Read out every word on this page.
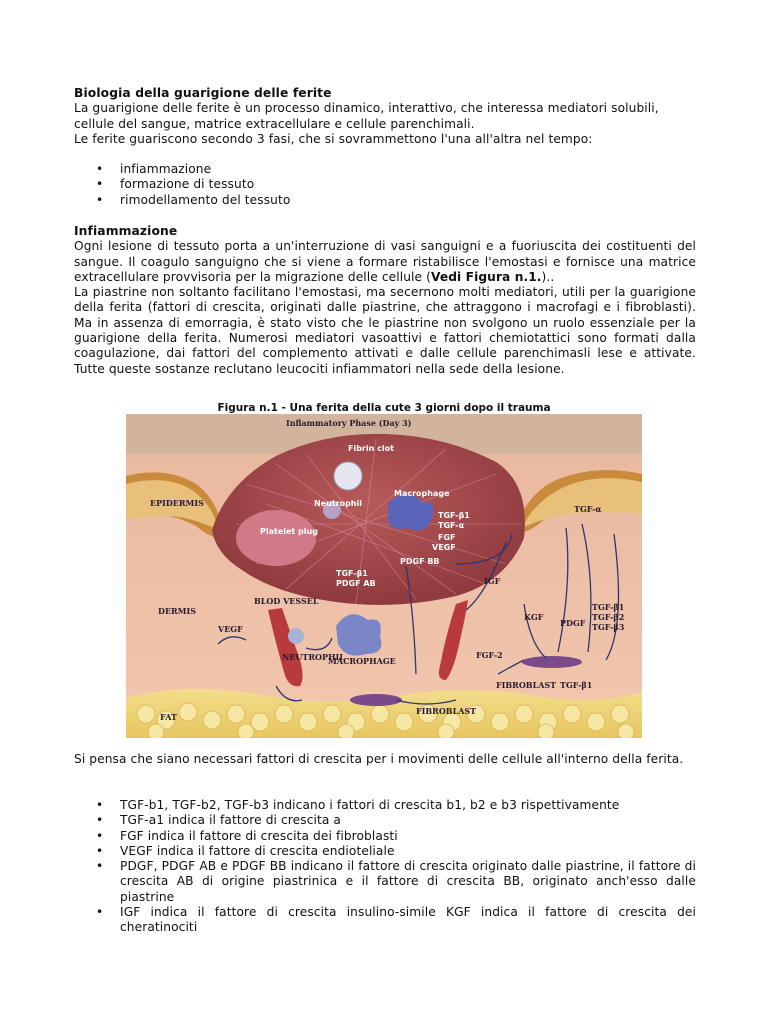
Biologia della guarigione delle ferite

La guarigione delle ferite è un processo dinamico, interattivo, che interessa mediatori solubili, cellule del sangue, matrice extracellulare e cellule parenchimali.

Le ferite guariscono secondo 3 fasi, che si sovrammettono l'una all'altra nel tempo:

• infiammazione
• formazione di tessuto
• rimodellamento del tessuto
Infiammazione

Ogni lesione di tessuto porta a un'interruzione di vasi sanguigni e a fuoriuscita dei costituenti del sangue. Il coagulo sanguigno che si viene a formare ristabilisce l'emostasi e fornisce una matrice extracellulare provvisoria per la migrazione delle cellule (Vedi Figura n.1.)..

La piastrine non soltanto facilitano l'emostasi, ma secernono molti mediatori, utili per la guarigione della ferita (fattori di crescita, originati dalle piastrine, che attraggono i macrofagi e i fibroblasti). Ma in assenza di emorragia, è stato visto che le piastrine non svolgono un ruolo essenziale per la guarigione della ferita. Numerosi mediatori vasoattivi e fattori chemiotattici sono formati dalla coagulazione, dai fattori del complemento attivati e dalle cellule parenchimasli lese e attivate. Tutte queste sostanze reclutano leucociti infiammatori nella sede della lesione.

Figura n.1 - Una ferita della cute 3 giorni dopo il trauma
Inflammatory Phase (Day 3)
Fibrin clot
Neutrophil
Macrophage
TGF-β1
TGF-α
FGF
VEGF
Platelet plug
PDGF BB
TGF-β1
PDGF AB
EPIDERMIS
DERMIS
FAT
BLOD VESSEL
VEGF
NEUTROPHIL
MACROPHAGE
IGF
KGF
PDGF
TGF-α
TGF-β1
TGF-β2
TGF-β3
FGF-2
FIBROBLAST TGF-β1
FIBROBLAST

Si pensa che siano necessari fattori di crescita per i movimenti delle cellule all'interno della ferita.

• TGF-b1, TGF-b2, TGF-b3 indicano i fattori di crescita b1, b2 e b3 rispettivamente
• TGF-a1 indica il fattore di crescita a
• FGF indica il fattore di crescita dei fibroblasti
• VEGF indica il fattore di crescita endioteliale
• PDGF, PDGF AB e PDGF BB indicano il fattore di crescita originato dalle piastrine, il fattore di crescita AB di origine piastrinica e il fattore di crescita BB, originato anch'esso dalle piastrine
• IGF indica il fattore di crescita insulino-simile KGF indica il fattore di crescita dei cheratinociti
